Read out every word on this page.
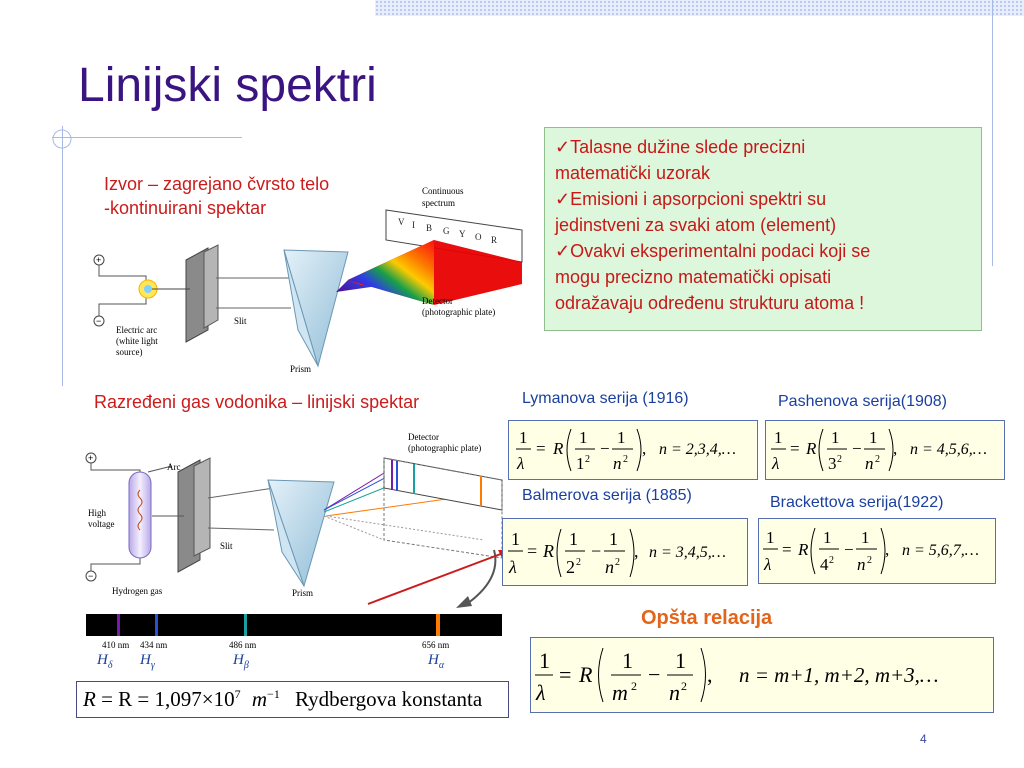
Linijski spektri
Izvor – zagrejano čvrsto telo
-kontinuirani spektar
+
−
Continuous
spectrum
V I B G Y O R
Detector
(photographic plate)
Slit
Prism
Electric arc
(white light
source)

✓Talasne dužine slede precizni

matematički uzorak

✓Emisioni i apsorpcioni spektri su

jedinstveni za svaki atom (element)

✓Ovakvi eksperimentalni podaci koji se

mogu precizno matematički opisati

odražavaju određenu strukturu atoma !

Razređeni gas vodonika – linijski spektar
+
−
Detector
(photographic plate)
Arc
High
voltage
Slit
Hydrogen gas	Prism
410 nm 434 nm	486 nm	656 nm
$H_\delta$ $H_\gamma$	$H_\beta$	$H_\alpha$
$R = R = 1,097\times 10^7$ $m^{-1}$ Rydbergova konstanta
Lymanova serija (1916)	Pashenova serija(1908)
Balmerova serija (1885)	Brackettova serija(1922)
1
λ
= R
1
1 2
−
1
n 2
, n = 2,3,4,…
1
λ
= R
1
3 2
−
1
n 2
, n = 4,5,6,…
1
λ
= R
1
2 2
−
1
n 2
, n = 3,4,5,…
1
λ
= R
1
4 2
−
1
n 2
, n = 5,6,7,…
Opšta relacija
1
λ
= R
1
m 2 −
1
n 2 , n = m+1, m+2, m+3,…
4
